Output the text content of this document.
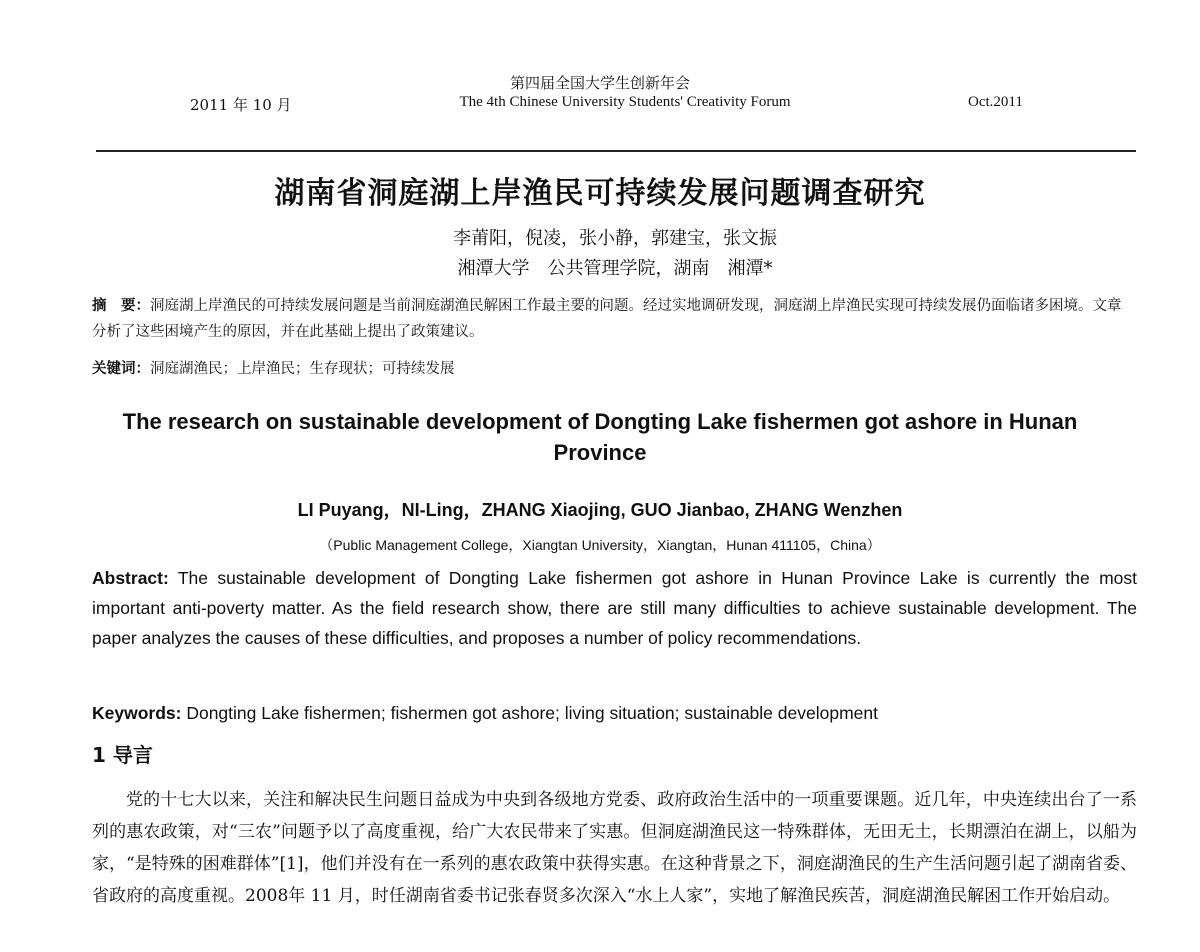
第四届全国大学生创新年会
2011 年 10 月	The 4th Chinese University Students' Creativity Forum	Oct.2011
湖南省洞庭湖上岸渔民可持续发展问题调查研究
李莆阳，倪凌，张小静，郭建宝，张文振
湘潭大学　公共管理学院，湖南　湘潭*
摘　要：洞庭湖上岸渔民的可持续发展问题是当前洞庭湖渔民解困工作最主要的问题。经过实地调研发现，洞庭湖上岸渔民实现可持续发展仍面临诸多困境。文章分析了这些困境产生的原因，并在此基础上提出了政策建议。
关键词：洞庭湖渔民；上岸渔民；生存现状；可持续发展
The research on sustainable development of Dongting Lake fishermen got ashore in Hunan Province
LI Puyang，NI-Ling，ZHANG Xiaojing, GUO Jianbao, ZHANG Wenzhen
（Public Management College，Xiangtan University，Xiangtan，Hunan 411105，China）
Abstract: The sustainable development of Dongting Lake fishermen got ashore in Hunan Province Lake is currently the most important anti-poverty matter. As the field research show, there are still many difficulties to achieve sustainable development. The paper analyzes the causes of these difficulties, and proposes a number of policy recommendations.
Keywords: Dongting Lake fishermen; fishermen got ashore; living situation; sustainable development
1 导言
党的十七大以来，关注和解决民生问题日益成为中央到各级地方党委、政府政治生活中的一项重要课题。近几年，中央连续出台了一系列的惠农政策，对“三农”问题予以了高度重视，给广大农民带来了实惠。但洞庭湖渔民这一特殊群体，无田无土，长期漂泊在湖上，以船为家，“是特殊的困难群体”[1]，他们并没有在一系列的惠农政策中获得实惠。在这种背景之下，洞庭湖渔民的生产生活问题引起了湖南省委、省政府的高度重视。2008年 11 月，时任湖南省委书记张春贤多次深入“水上人家”，实地了解渔民疾苦，洞庭湖渔民解困工作开始启动。
